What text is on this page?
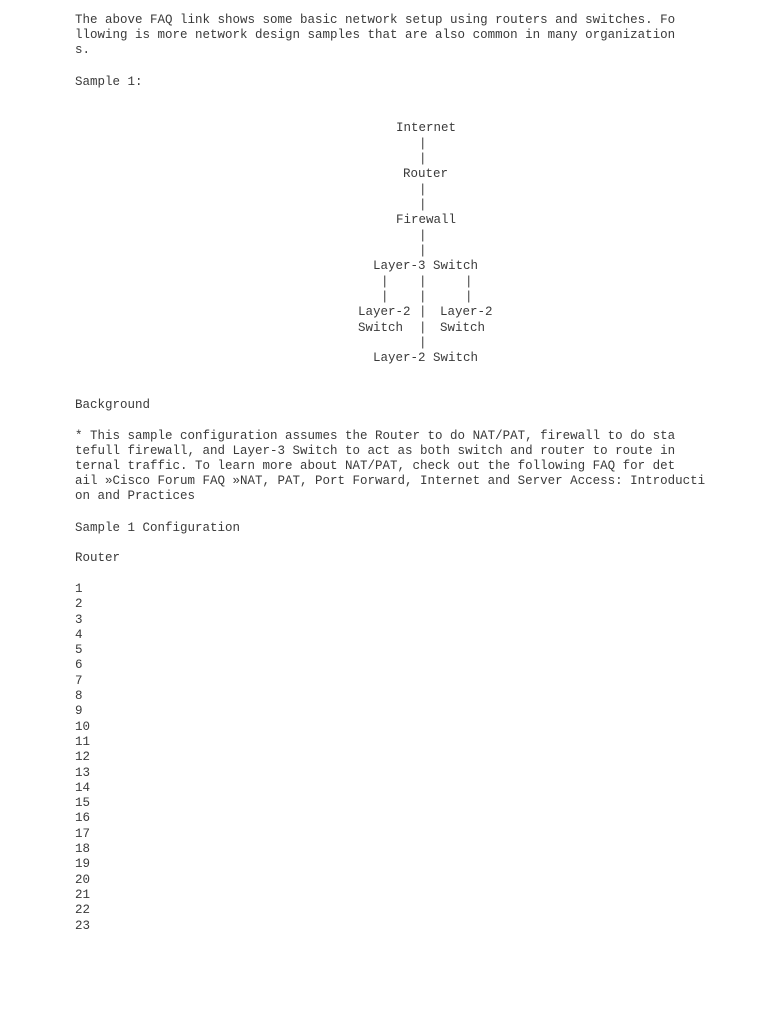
The above FAQ link shows some basic network setup using routers and switches. Fo
llowing is more network design samples that are also common in many organization
s.
Sample 1:
Internet
|
|
Router
|
|
Firewall
|
|
Layer-3 Switch
| |	|
| |	|
Layer-2 | Layer-2
Switch | Switch
|
Layer-2 Switch
Background
* This sample configuration assumes the Router to do NAT/PAT, firewall to do sta
tefull firewall, and Layer-3 Switch to act as both switch and router to route in
ternal traffic. To learn more about NAT/PAT, check out the following FAQ for det
ail »Cisco Forum FAQ »NAT, PAT, Port Forward, Internet and Server Access: Introducti
on and Practices
Sample 1 Configuration
Router
1
2
3
4
5
6
7
8
9
10
11
12
13
14
15
16
17
18
19
20
21
22
23
